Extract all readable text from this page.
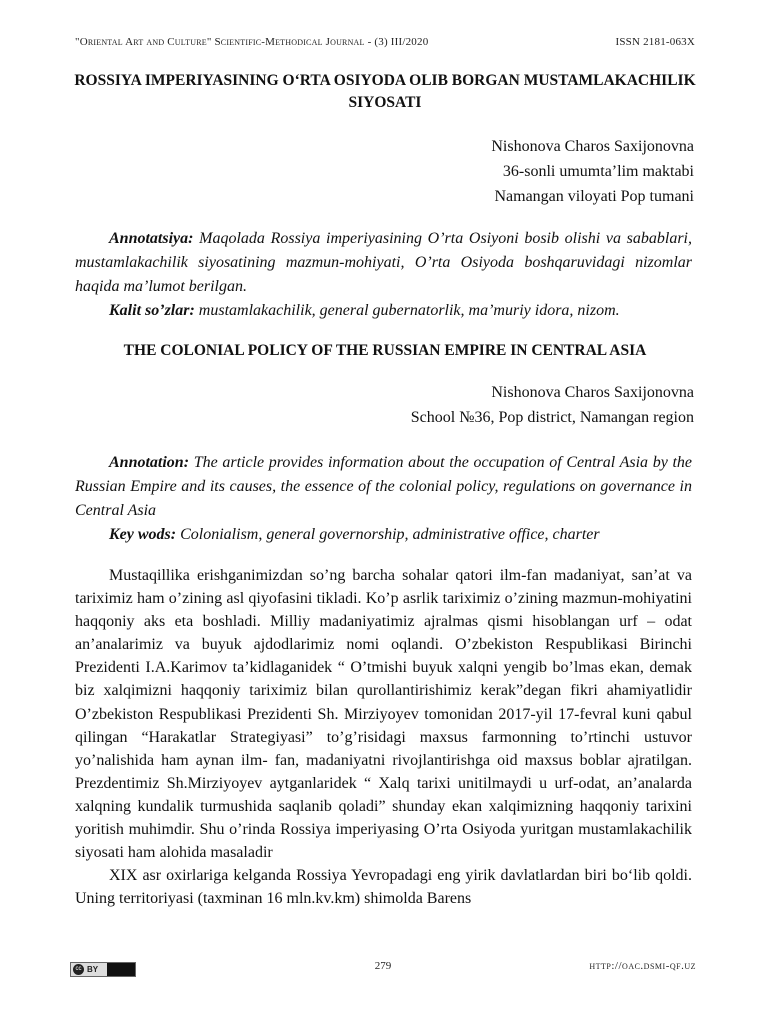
"Oriental Art and Culture" Scientific-Methodical Journal - (3) III/2020	ISSN 2181-063X
ROSSIYA IMPERIYASINING O‘RTA OSIYODA OLIB BORGAN MUSTAMLAKACHILIK SIYOSATI
Nishonova Charos Saxijonovna
36-sonli umumta’lim maktabi
Namangan viloyati Pop tumani

Annotatsiya: Maqolada Rossiya imperiyasining O’rta Osiyoni bosib olishi va sabablari, mustamlakachilik siyosatining mazmun-mohiyati, O’rta Osiyoda boshqaruvidagi nizomlar haqida ma’lumot berilgan.

Kalit so’zlar: mustamlakachilik, general gubernatorlik, ma’muriy idora, nizom.

THE COLONIAL POLICY OF THE RUSSIAN EMPIRE IN CENTRAL ASIA
Nishonova Charos Saxijonovna
School №36, Pop district, Namangan region

Annotation: The article provides information about the occupation of Central Asia by the Russian Empire and its causes, the essence of the colonial policy, regulations on governance in Central Asia

Key wods: Colonialism, general governorship, administrative office, charter

Mustaqillika erishganimizdan so’ng barcha sohalar qatori ilm-fan madaniyat, san’at va tariximiz ham o’zining asl qiyofasini tikladi. Ko’p asrlik tariximiz o’zining mazmun-mohiyatini haqqoniy aks eta boshladi. Milliy madaniyatimiz ajralmas qismi hisoblangan urf – odat an’analarimiz va buyuk ajdodlarimiz nomi oqlandi. O’zbekiston Respublikasi Birinchi Prezidenti I.A.Karimov ta’kidlaganidek “ O’tmishi buyuk xalqni yengib bo’lmas ekan, demak biz xalqimizni haqqoniy tariximiz bilan qurollantirishimiz kerak”degan fikri ahamiyatlidir O’zbekiston Respublikasi Prezidenti Sh. Mirziyoyev tomonidan 2017-yil 17-fevral kuni qabul qilingan “Harakatlar Strategiyasi” to’g’risidagi maxsus farmonning to’rtinchi ustuvor yo’nalishida ham aynan ilm- fan, madaniyatni rivojlantirishga oid maxsus boblar ajratilgan. Prezdentimiz Sh.Mirziyoyev aytganlaridek “ Xalq tarixi unitilmaydi u urf-odat, an’analarda xalqning kundalik turmushida saqlanib qoladi” shunday ekan xalqimizning haqqoniy tarixini yoritish muhimdir. Shu o’rinda Rossiya imperiyasing O’rta Osiyoda yuritgan mustamlakachilik siyosati ham alohida masaladir

XIX asr oxirlariga kelganda Rossiya Yevropadagi eng yirik davlatlardan biri bo‘lib qoldi. Uning territoriyasi (taxminan 16 mln.kv.km) shimolda Barens

cc BY	279	http://oac.dsmi-qf.uz
